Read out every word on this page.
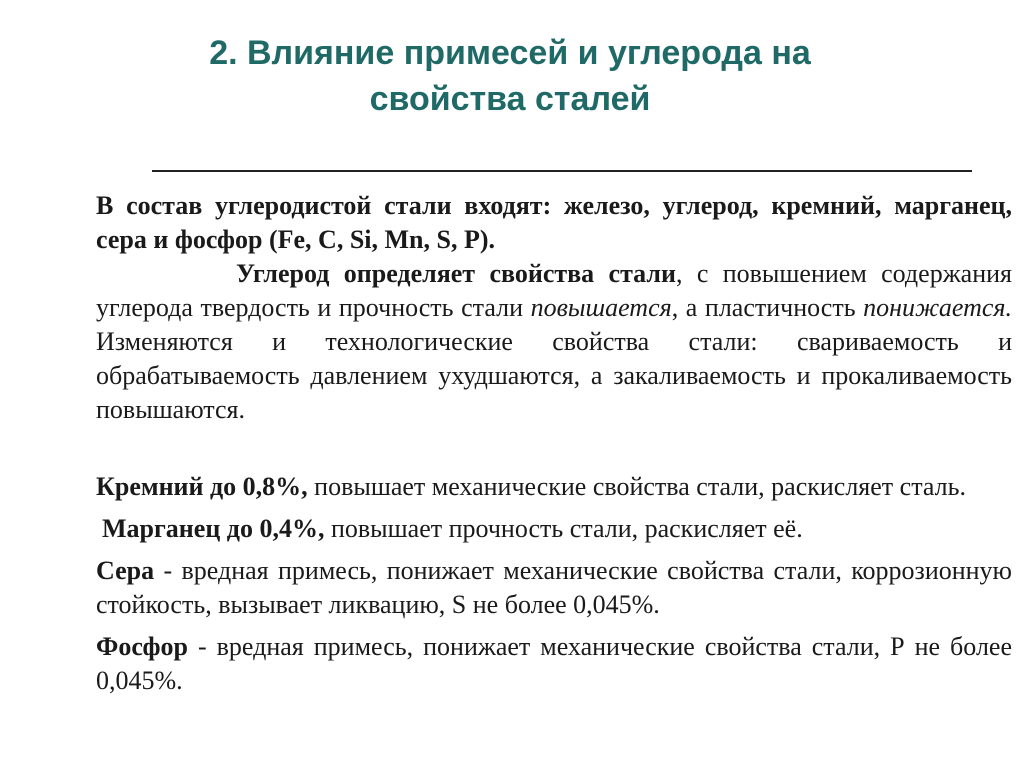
2. Влияние примесей и углерода на
свойства сталей

В состав углеродистой стали входят: железо, углерод, кремний, марганец, сера и фосфор (Fe, C, Si, Mn, S, P).

Углерод определяет свойства стали, с повышением содержания углерода твердость и прочность стали повышается, а пластичность понижается. Изменяются и технологические свойства стали: свариваемость и обрабатываемость давлением ухудшаются, а закаливаемость и прокаливаемость повышаются.

Кремний до 0,8%, повышает механические свойства стали, раскисляет сталь.

Марганец до 0,4%, повышает прочность стали, раскисляет её.

Сера - вредная примесь, понижает механические свойства стали, коррозионную стойкость, вызывает ликвацию, S не более 0,045%.

Фосфор - вредная примесь, понижает механические свойства стали, Р не более 0,045%.
